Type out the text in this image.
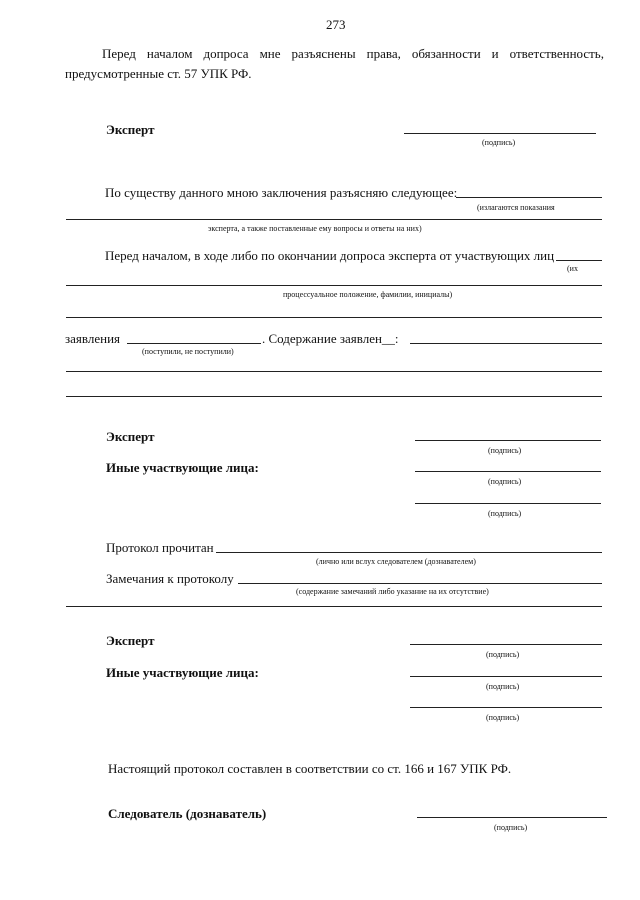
273
Перед началом допроса мне разъяснены права, обязанности и ответственность,
предусмотренные ст. 57 УПК РФ.
Эксперт
(подпись)
По существу данного мною заключения разъясняю следующее:
(излагаются показания
эксперта, а также поставленные ему вопросы и ответы на них)
Перед началом, в ходе либо по окончании допроса эксперта от участвующих лиц
(их
процессуальное положение, фамилии, инициалы)
заявления	. Содержание заявлен__:
(поступили, не поступили)
Эксперт
(подпись)
Иные участвующие лица:
(подпись)
(подпись)
Протокол прочитан
(лично или вслух следователем (дознавателем)
Замечания к протоколу
(содержание замечаний либо указание на их отсутствие)
Эксперт
(подпись)
Иные участвующие лица:
(подпись)
(подпись)
Настоящий протокол составлен в соответствии со ст. 166 и 167 УПК РФ.
Следователь (дознаватель)
(подпись)
